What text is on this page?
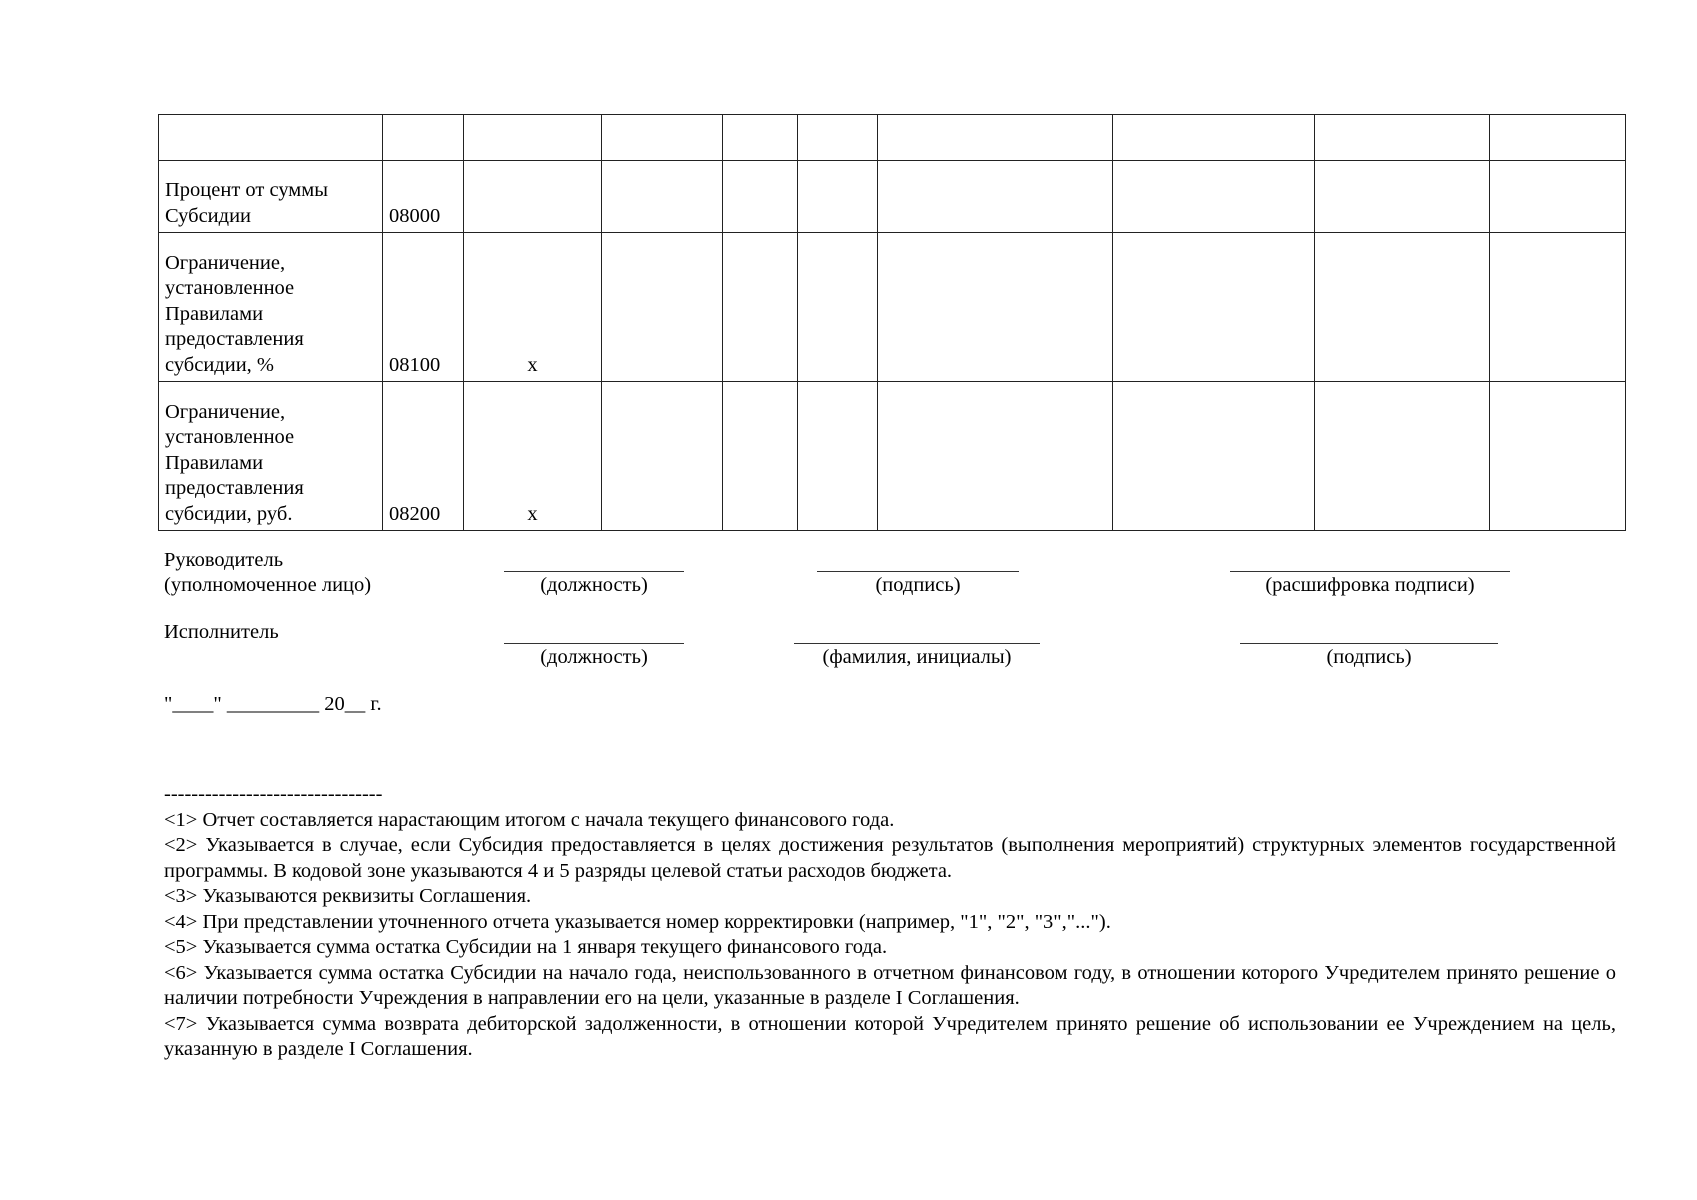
Процент от суммы Субсидии	08000								
Ограничение, установленное Правилами предоставления субсидии, %	08100	x							
Ограничение, установленное Правилами предоставления субсидии, руб.	08200	x							
Руководитель
(уполномоченное лицо)	(должность)	(подпись)	(расшифровка подписи)
Исполнитель
(должность)	(фамилия, инициалы)	(подпись)
"____" _________ 20__ г.

--------------------------------

<1> Отчет составляется нарастающим итогом с начала текущего финансового года.

<2> Указывается в случае, если Субсидия предоставляется в целях достижения результатов (выполнения мероприятий) структурных элементов государственной программы. В кодовой зоне указываются 4 и 5 разряды целевой статьи расходов бюджета.

<3> Указываются реквизиты Соглашения.

<4> При представлении уточненного отчета указывается номер корректировки (например, "1", "2", "3","...").

<5> Указывается сумма остатка Субсидии на 1 января текущего финансового года.

<6> Указывается сумма остатка Субсидии на начало года, неиспользованного в отчетном финансовом году, в отношении которого Учредителем принято решение о наличии потребности Учреждения в направлении его на цели, указанные в разделе I Соглашения.

<7> Указывается сумма возврата дебиторской задолженности, в отношении которой Учредителем принято решение об использовании ее Учреждением на цель, указанную в разделе I Соглашения.
